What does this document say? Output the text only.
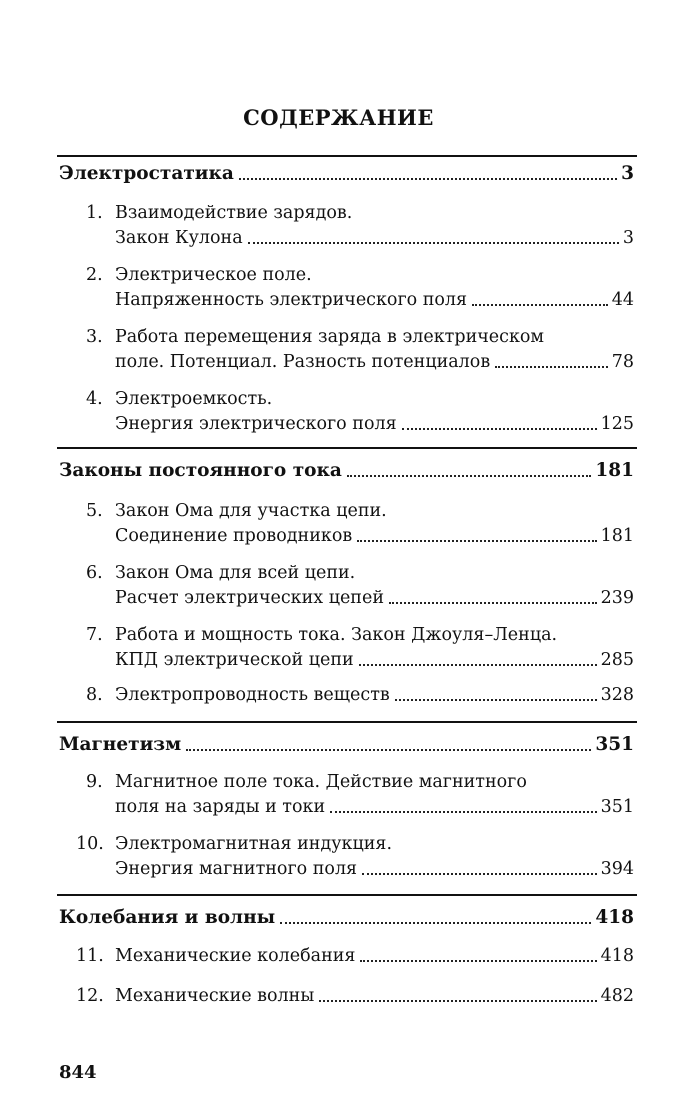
СОДЕРЖАНИЕ
Электростатика	3
1. Взаимодействие зарядов.
Закон Кулона	3
2. Электрическое поле.
Напряженность электрического поля	44
3. Работа перемещения заряда в электрическом
поле. Потенциал. Разность потенциалов	78
4. Электроемкость.
Энергия электрического поля	125
Законы постоянного тока	181
5. Закон Ома для участка цепи.
Соединение проводников	181
6. Закон Ома для всей цепи.
Расчет электрических цепей	239
7. Работа и мощность тока. Закон Джоуля–Ленца.
КПД электрической цепи	285
8. Электропроводность веществ	328
Магнетизм	351
9. Магнитное поле тока. Действие магнитного
поля на заряды и токи	351
10. Электромагнитная индукция.
Энергия магнитного поля	394
Колебания и волны	418
11. Механические колебания	418
12. Механические волны	482
844
